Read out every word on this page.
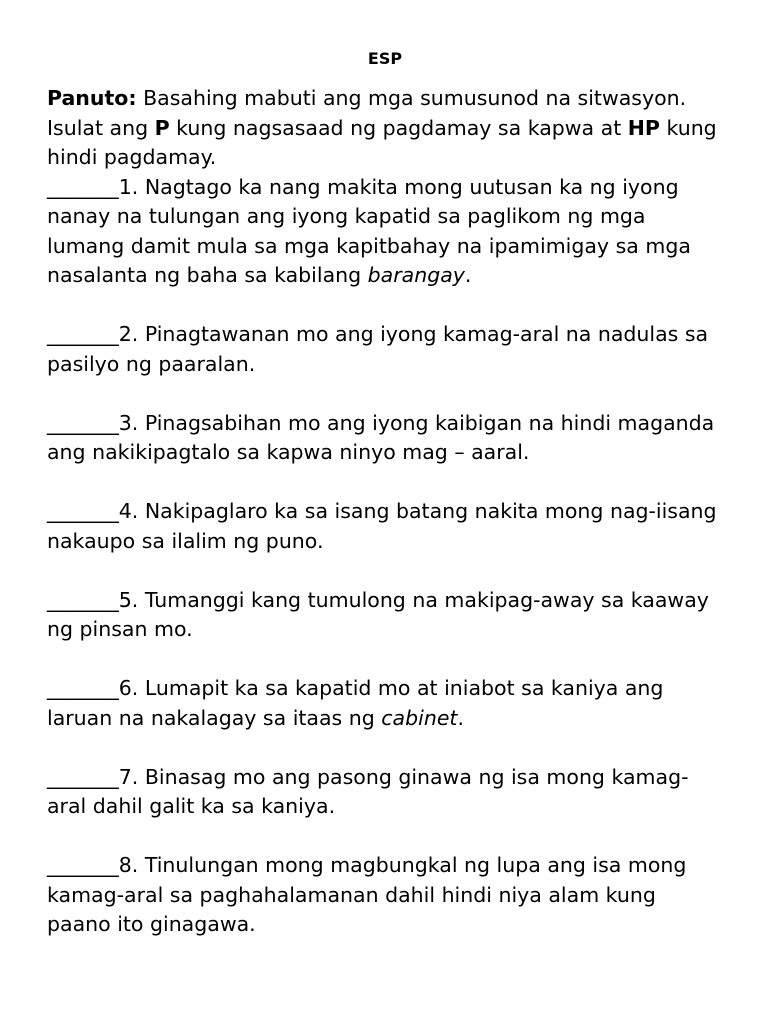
ESP

Panuto: Basahing mabuti ang mga sumusunod na sitwasyon. Isulat ang P kung nagsasaad ng pagdamay sa kapwa at HP kung hindi pagdamay.

_______1. Nagtago ka nang makita mong uutusan ka ng iyong nanay na tulungan ang iyong kapatid sa paglikom ng mga lumang damit mula sa mga kapitbahay na ipamimigay sa mga nasalanta ng baha sa kabilang barangay.

_______2. Pinagtawanan mo ang iyong kamag-aral na nadulas sa pasilyo ng paaralan.

_______3. Pinagsabihan mo ang iyong kaibigan na hindi maganda ang nakikipagtalo sa kapwa ninyo mag – aaral.

_______4. Nakipaglaro ka sa isang batang nakita mong nag-iisang nakaupo sa ilalim ng puno.

_______5. Tumanggi kang tumulong na makipag-away sa kaaway ng pinsan mo.

_______6. Lumapit ka sa kapatid mo at iniabot sa kaniya ang laruan na nakalagay sa itaas ng cabinet.

_______7. Binasag mo ang pasong ginawa ng isa mong kamag-aral dahil galit ka sa kaniya.

_______8. Tinulungan mong magbungkal ng lupa ang isa mong kamag-aral sa paghahalamanan dahil hindi niya alam kung paano ito ginagawa.
